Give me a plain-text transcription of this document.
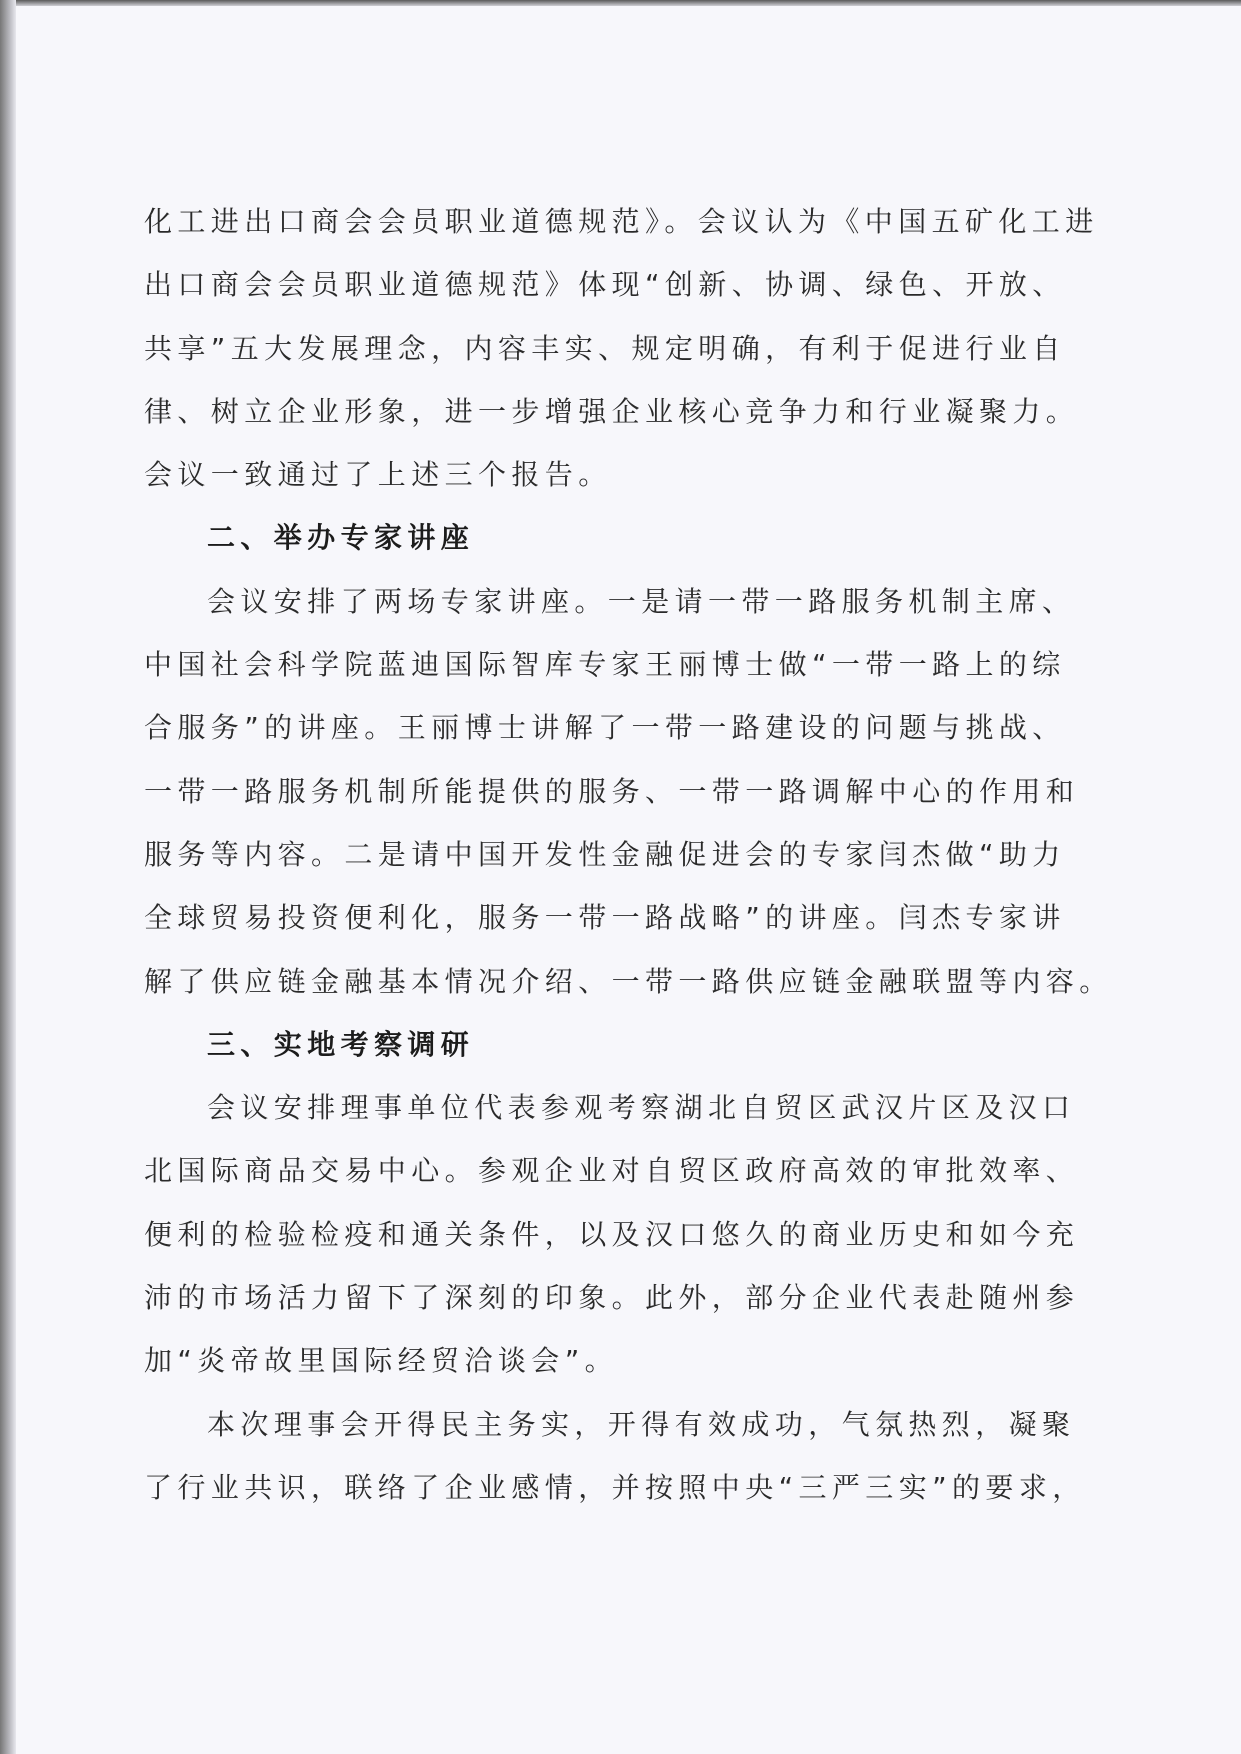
化工进出口商会会员职业道德规范》。会议认为《中国五矿化工进

出口商会会员职业道德规范》体现“创新、协调、绿色、开放、

共享”五大发展理念，内容丰实、规定明确，有利于促进行业自

律、树立企业形象，进一步增强企业核心竞争力和行业凝聚力。

会议一致通过了上述三个报告。

二、举办专家讲座

会议安排了两场专家讲座。一是请一带一路服务机制主席、

中国社会科学院蓝迪国际智库专家王丽博士做“一带一路上的综

合服务”的讲座。王丽博士讲解了一带一路建设的问题与挑战、

一带一路服务机制所能提供的服务、一带一路调解中心的作用和

服务等内容。二是请中国开发性金融促进会的专家闫杰做“助力

全球贸易投资便利化，服务一带一路战略”的讲座。闫杰专家讲

解了供应链金融基本情况介绍、一带一路供应链金融联盟等内容。

三、实地考察调研

会议安排理事单位代表参观考察湖北自贸区武汉片区及汉口

北国际商品交易中心。参观企业对自贸区政府高效的审批效率、

便利的检验检疫和通关条件，以及汉口悠久的商业历史和如今充

沛的市场活力留下了深刻的印象。此外，部分企业代表赴随州参

加“炎帝故里国际经贸洽谈会”。

本次理事会开得民主务实，开得有效成功，气氛热烈，凝聚

了行业共识，联络了企业感情，并按照中央“三严三实”的要求，
